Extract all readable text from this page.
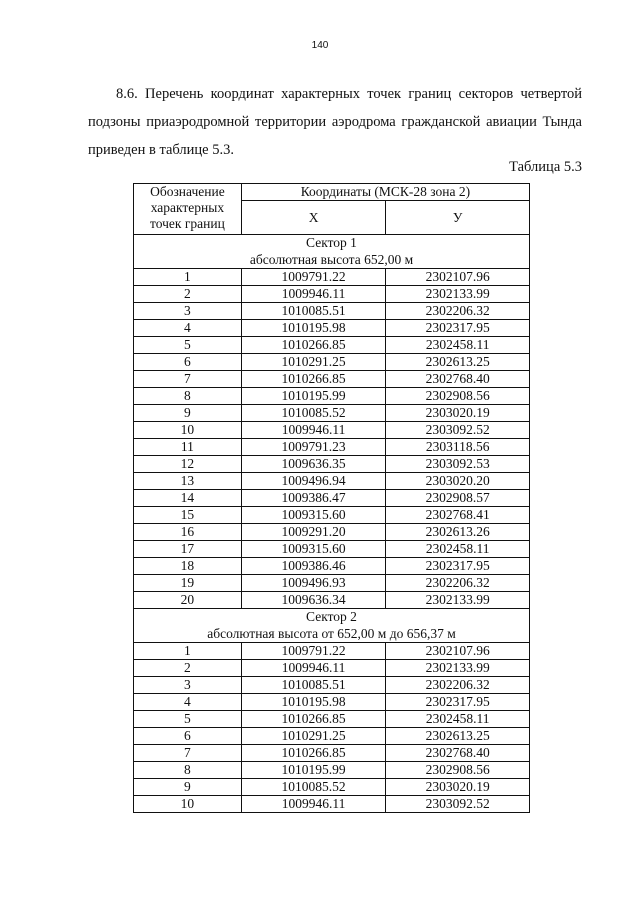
140

8.6. Перечень координат характерных точек границ секторов четвертой подзоны приаэродромной территории аэродрома гражданской авиации Тында приведен в таблице 5.3.

Таблица 5.3
Обозначение характерных точек границ	Координаты (МСК-28 зона 2)	
	Х	У

Сектор 1
абсолютная высота 652,00 м		

1	1009791.22	2302107.96
2	1009946.11	2302133.99
3	1010085.51	2302206.32
4	1010195.98	2302317.95
5	1010266.85	2302458.11
6	1010291.25	2302613.25
7	1010266.85	2302768.40
8	1010195.99	2302908.56
9	1010085.52	2303020.19
10	1009946.11	2303092.52
11	1009791.23	2303118.56
12	1009636.35	2303092.53
13	1009496.94	2303020.20
14	1009386.47	2302908.57
15	1009315.60	2302768.41
16	1009291.20	2302613.26
17	1009315.60	2302458.11
18	1009386.46	2302317.95
19	1009496.93	2302206.32
20	1009636.34	2302133.99

Сектор 2
абсолютная высота от 652,00 м до 656,37 м		

1	1009791.22	2302107.96
2	1009946.11	2302133.99
3	1010085.51	2302206.32
4	1010195.98	2302317.95
5	1010266.85	2302458.11
6	1010291.25	2302613.25
7	1010266.85	2302768.40
8	1010195.99	2302908.56
9	1010085.52	2303020.19
10	1009946.11	2303092.52
